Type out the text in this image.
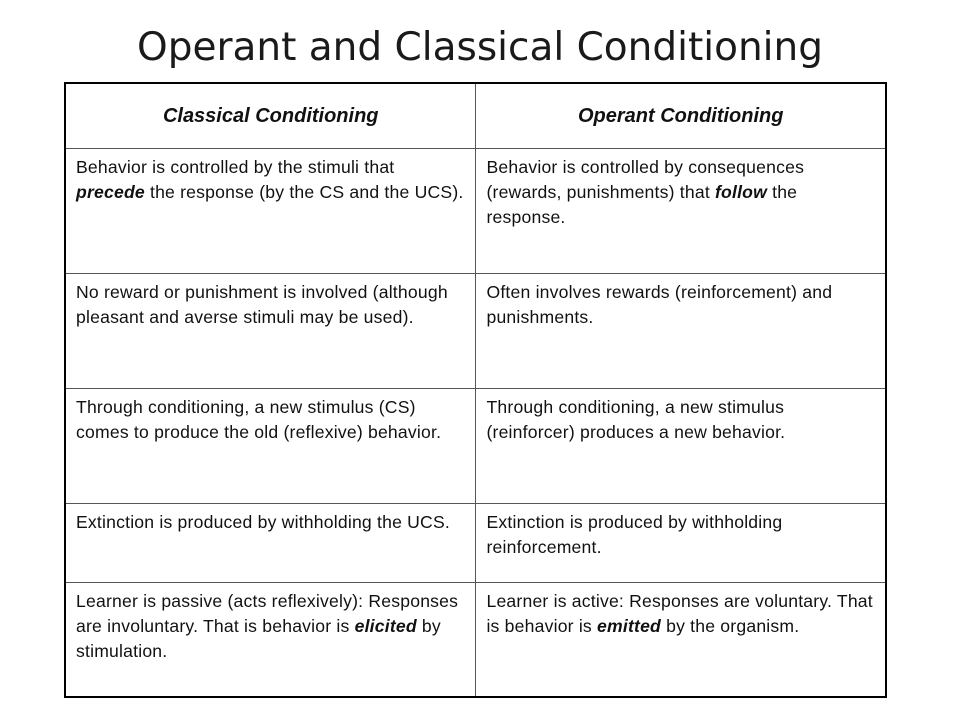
Operant and Classical Conditioning
Classical Conditioning	Operant Conditioning
Behavior is controlled by the stimuli that precede the response (by the CS and the UCS).	Behavior is controlled by consequences (rewards, punishments) that follow the response.
No reward or punishment is involved (although pleasant and averse stimuli may be used).	Often involves rewards (reinforcement) and punishments.
Through conditioning, a new stimulus (CS) comes to produce the old (reflexive) behavior.	Through conditioning, a new stimulus (reinforcer) produces a new behavior.
Extinction is produced by withholding the UCS.	Extinction is produced by withholding reinforcement.
Learner is passive (acts reflexively): Responses are involuntary. That is behavior is elicited by stimulation.	Learner is active: Responses are voluntary. That is behavior is emitted by the organism.
